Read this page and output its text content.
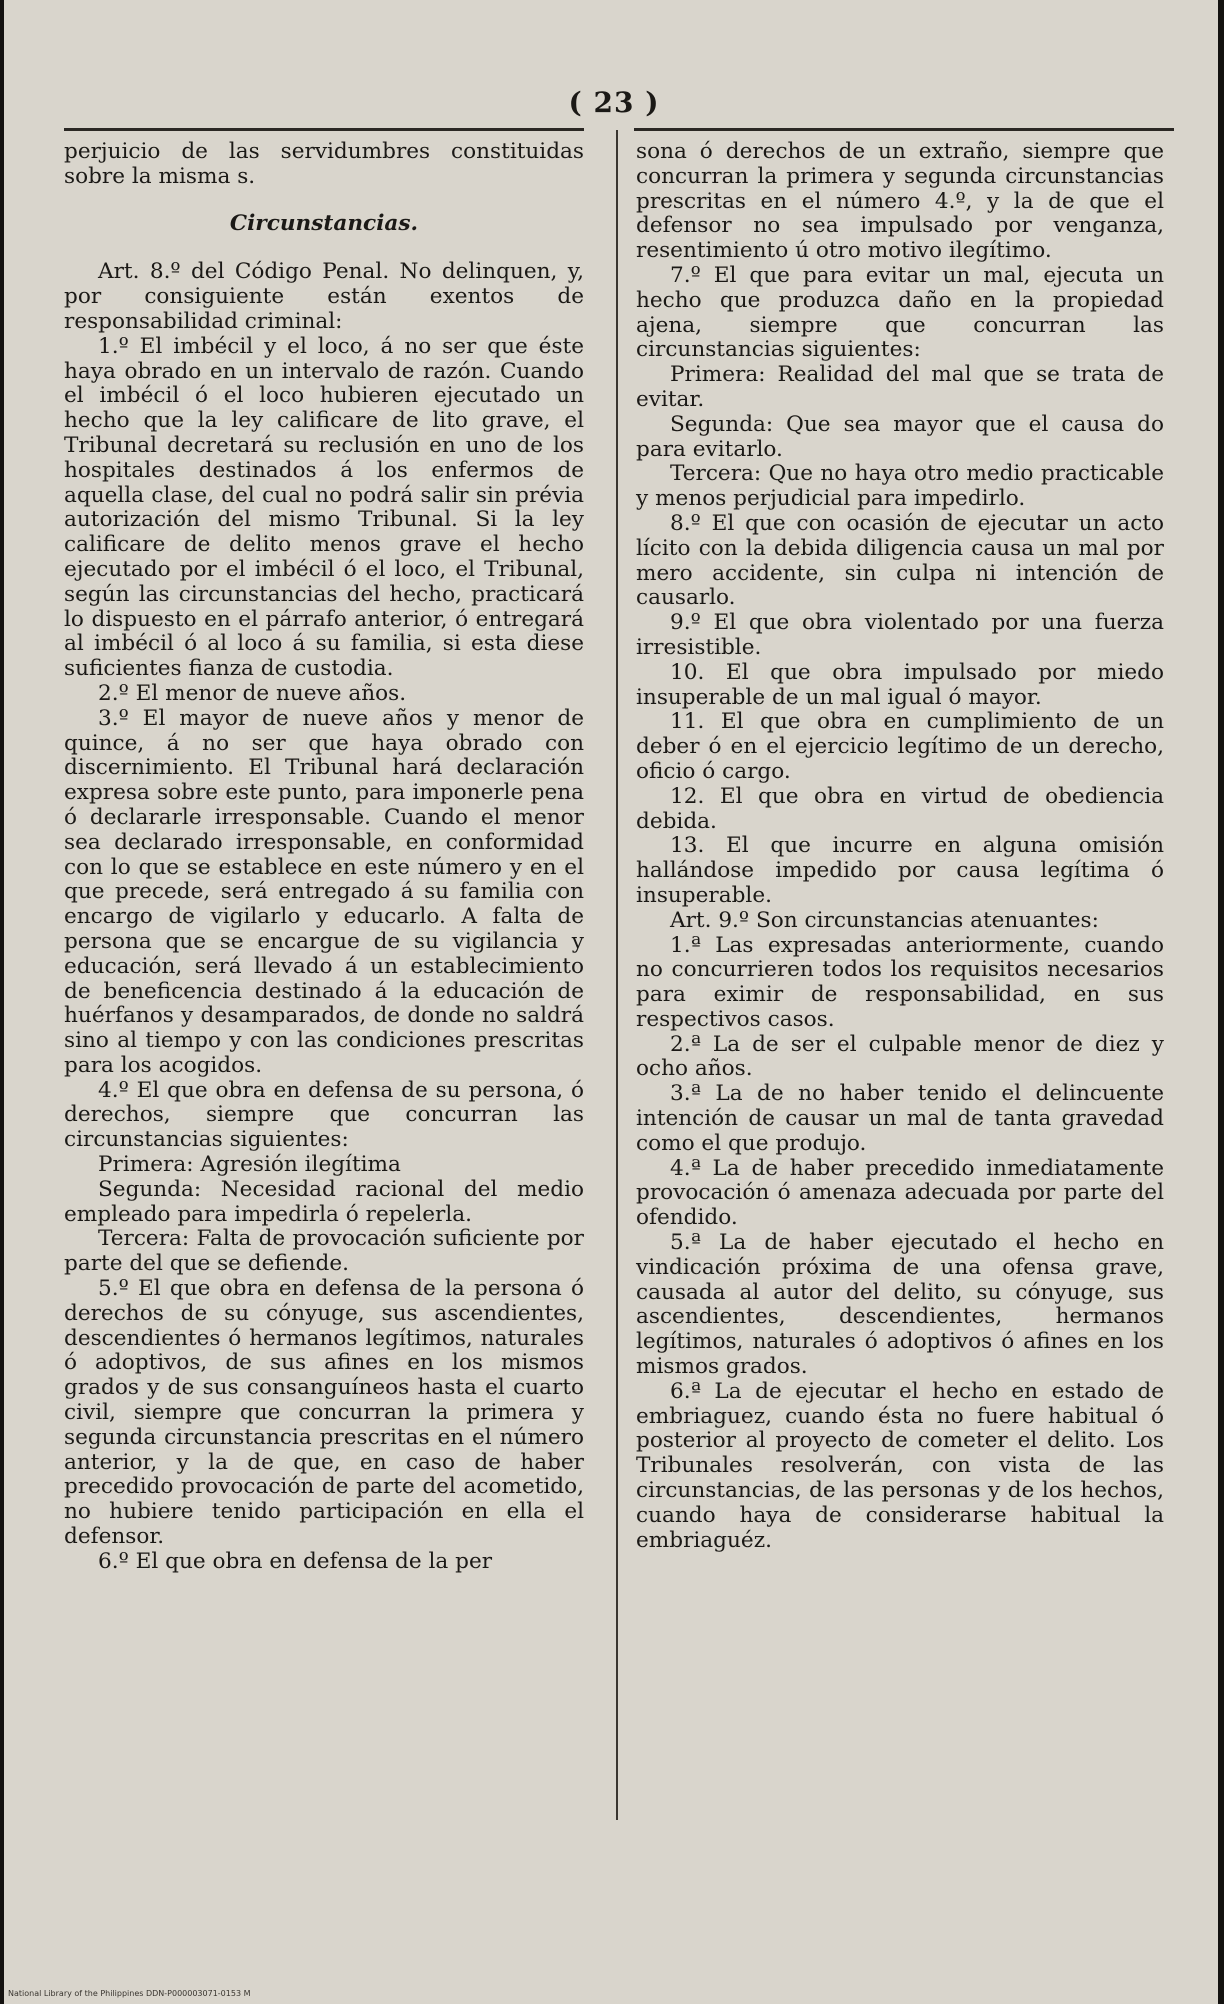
( 23 )

perjuicio de las servidumbres constituidas sobre la misma s.

Circunstancias.

Art. 8.º del Código Penal. No delinquen, y, por consiguiente están exentos de responsabilidad criminal:

1.º El imbécil y el loco, á no ser que éste haya obrado en un intervalo de razón. Cuando el imbécil ó el loco hubieren ejecutado un hecho que la ley calificare de lito grave, el Tribunal decretará su reclusión en uno de los hospitales destinados á los enfermos de aquella clase, del cual no podrá salir sin prévia autorización del mismo Tribunal. Si la ley calificare de delito menos grave el hecho ejecutado por el imbécil ó el loco, el Tribunal, según las circunstancias del hecho, practicará lo dispuesto en el párrafo anterior, ó entregará al imbécil ó al loco á su familia, si esta diese suficientes fianza de custodia.

2.º El menor de nueve años.

3.º El mayor de nueve años y menor de quince, á no ser que haya obrado con discernimiento. El Tribunal hará declaración expresa sobre este punto, para imponerle pena ó declararle irresponsable. Cuando el menor sea declarado irresponsable, en conformidad con lo que se establece en este número y en el que precede, será entregado á su familia con encargo de vigilarlo y educarlo. A falta de persona que se encargue de su vigilancia y educación, será llevado á un establecimiento de beneficencia destinado á la educación de huérfanos y desamparados, de donde no saldrá sino al tiempo y con las condiciones prescritas para los acogidos.

4.º El que obra en defensa de su persona, ó derechos, siempre que concurran las circunstancias siguientes:

Primera: Agresión ilegítima

Segunda: Necesidad racional del medio empleado para impedirla ó repelerla.

Tercera: Falta de provocación suficiente por parte del que se defiende.

5.º El que obra en defensa de la persona ó derechos de su cónyuge, sus ascendientes, descendientes ó hermanos legítimos, naturales ó adoptivos, de sus afines en los mismos grados y de sus consanguíneos hasta el cuarto civil, siempre que concurran la primera y segunda circunstancia prescritas en el número anterior, y la de que, en caso de haber precedido provocación de parte del acometido, no hubiere tenido participación en ella el defensor.

6.º El que obra en defensa de la per

sona ó derechos de un extraño, siempre que concurran la primera y segunda circunstancias prescritas en el número 4.º, y la de que el defensor no sea impulsado por venganza, resentimiento ú otro motivo ilegítimo.

7.º El que para evitar un mal, ejecuta un hecho que produzca daño en la propiedad ajena, siempre que concurran las circunstancias siguientes:

Primera: Realidad del mal que se trata de evitar.

Segunda: Que sea mayor que el causa do para evitarlo.

Tercera: Que no haya otro medio practicable y menos perjudicial para impedirlo.

8.º El que con ocasión de ejecutar un acto lícito con la debida diligencia causa un mal por mero accidente, sin culpa ni intención de causarlo.

9.º El que obra violentado por una fuerza irresistible.

10. El que obra impulsado por miedo insuperable de un mal igual ó mayor.

11. El que obra en cumplimiento de un deber ó en el ejercicio legítimo de un derecho, oficio ó cargo.

12. El que obra en virtud de obediencia debida.

13. El que incurre en alguna omisión hallándose impedido por causa legítima ó insuperable.

Art. 9.º Son circunstancias atenuantes:

1.ª Las expresadas anteriormente, cuando no concurrieren todos los requisitos necesarios para eximir de responsabilidad, en sus respectivos casos.

2.ª La de ser el culpable menor de diez y ocho años.

3.ª La de no haber tenido el delincuente intención de causar un mal de tanta gravedad como el que produjo.

4.ª La de haber precedido inmediatamente provocación ó amenaza adecuada por parte del ofendido.

5.ª La de haber ejecutado el hecho en vindicación próxima de una ofensa grave, causada al autor del delito, su cónyuge, sus ascendientes, descendientes, hermanos legítimos, naturales ó adoptivos ó afines en los mismos grados.

6.ª La de ejecutar el hecho en estado de embriaguez, cuando ésta no fuere habitual ó posterior al proyecto de cometer el delito. Los Tribunales resolverán, con vista de las circunstancias, de las personas y de los hechos, cuando haya de considerarse habitual la embriaguéz.

National Library of the Philippines DDN-P000003071-0153 M
